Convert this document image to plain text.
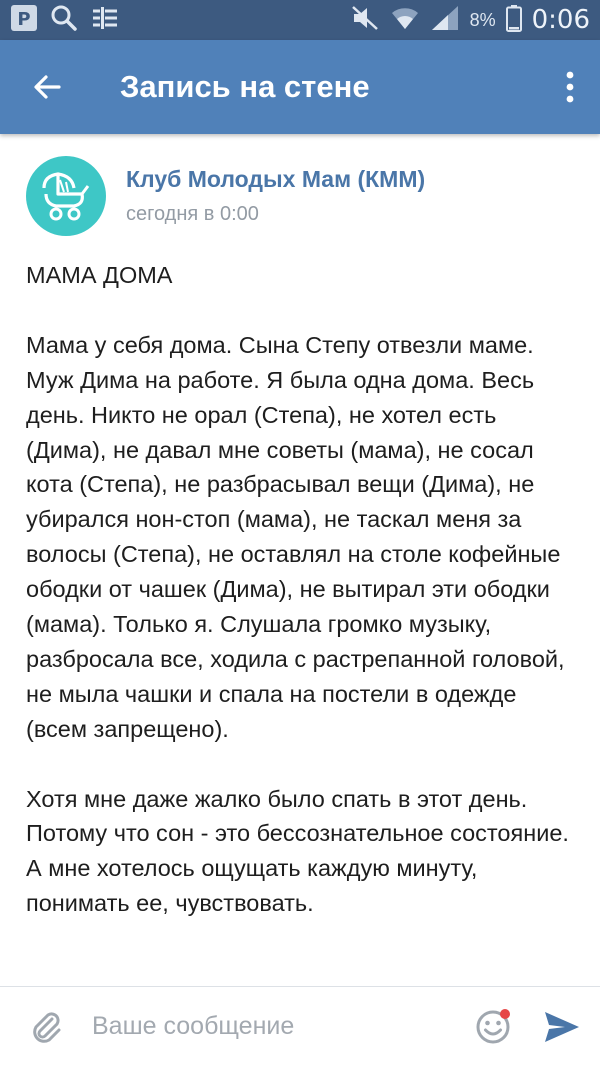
Р	8% 0:06
Запись на стене
Клуб Молодых Мам (КММ)
сегодня в 0:00

МАМА ДОМА

Мама у себя дома. Сына Степу отвезли маме. Муж Дима на работе. Я была одна дома. Весь день. Никто не орал (Степа), не хотел есть (Дима), не давал мне советы (мама), не сосал кота (Степа), не разбрасывал вещи (Дима), не убирался нон-стоп (мама), не таскал меня за волосы (Степа), не оставлял на столе кофейные ободки от чашек (Дима), не вытирал эти ободки (мама). Только я. Слушала громко музыку, разбросала все, ходила с растрепанной головой, не мыла чашки и спала на постели в одежде (всем запрещено).

Хотя мне даже жалко было спать в этот день. Потому что сон - это бессознательное состояние. А мне хотелось ощущать каждую минуту, понимать ее, чувствовать.

Ваше сообщение
